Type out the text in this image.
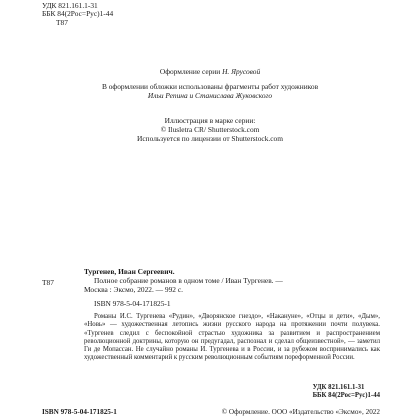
УДК 821.161.1-31
ББК 84(2Рос=Рус)1-44
Т87
Оформление серии Н. Ярусовой
В оформлении обложки использованы фрагменты работ художников
Ильи Репина и Станислава Жуковского
Иллюстрация в марке серии:
© Ilusletra CR/ Shutterstock.com
Используется по лицензии от Shutterstock.com
Т87
Тургенев, Иван Сергеевич.
Полное собрание романов в одном томе / Иван Тургенев. —
Москва : Эксмо, 2022. — 992 с.
ISBN 978-5-04-171825-1
Романы И.С. Тургенева «Рудин», «Дворянское гнездо», «Накануне», «Отцы и дети», «Дым», «Новь» — художественная летопись жизни русского народа на протяжении почти полувека. «Тургенев следил с беспокойной страстью художника за развитием и распространением революционной доктрины, которую он предугадал, распознал и сделал общеизвестной», — заметил Ги де Мопассан. Не случайно романы И. Тургенева и в России, и за рубежом воспринимались как художественный комментарий к русским революционным событиям пореформенной России.
УДК 821.161.1-31
ББК 84(2Рос=Рус)1-44
ISBN 978-5-04-171825-1	© Оформление. ООО «Издательство «Эксмо», 2022
